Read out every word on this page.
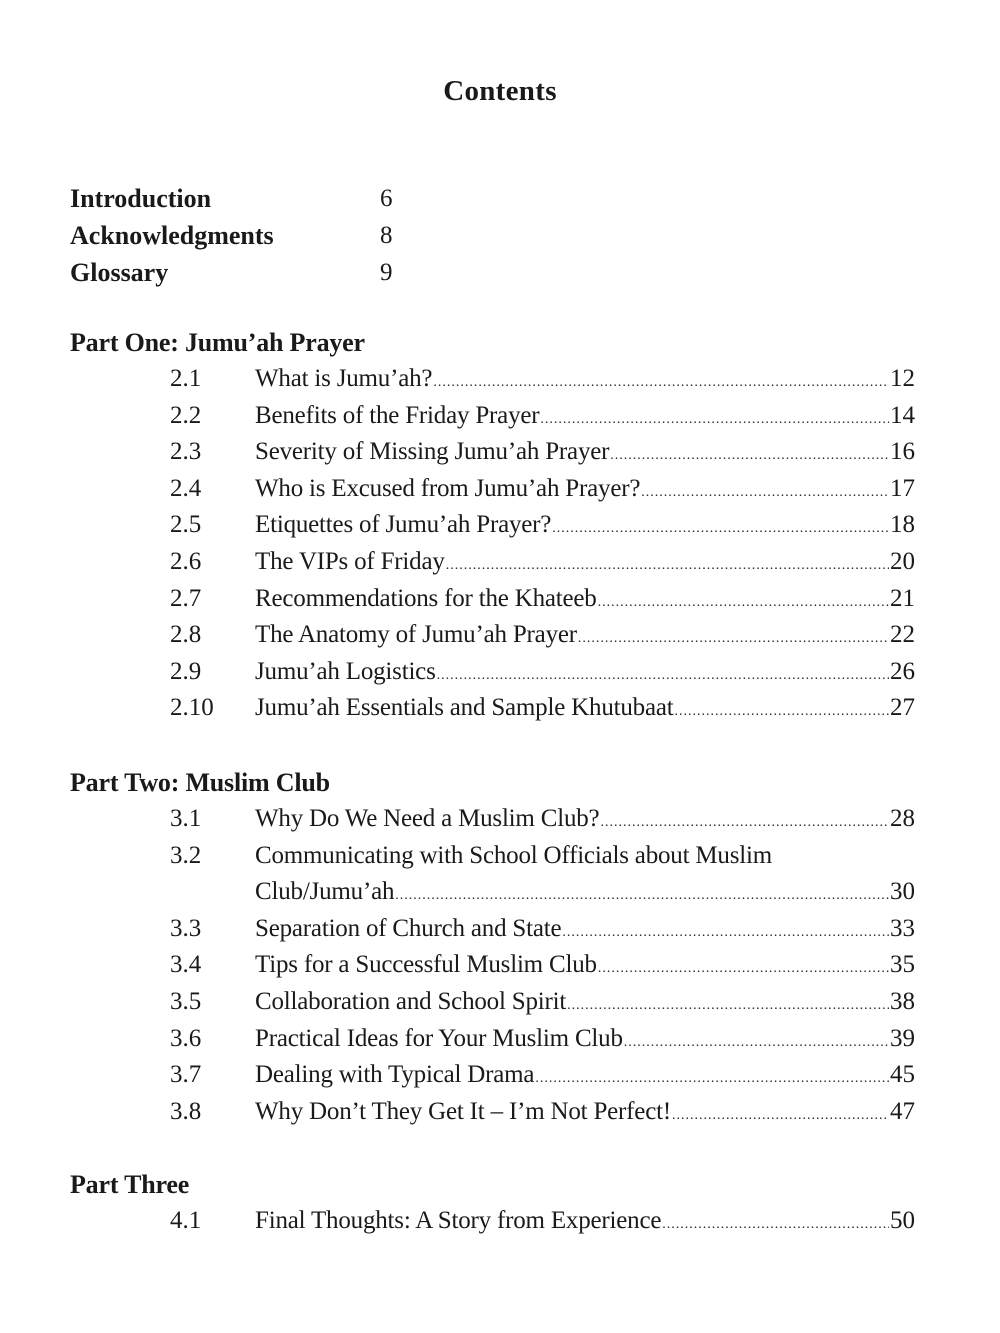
Contents
Introduction	6
Acknowledgments	8
Glossary	9
Part One: Jumu’ah Prayer
2.1	What is Jumu’ah? .....	12
2.2	Benefits of the Friday Prayer .....	14
2.3	Severity of Missing Jumu’ah Prayer .....	16
2.4	Who is Excused from Jumu’ah Prayer? .....	17
2.5	Etiquettes of Jumu’ah Prayer? .....	18
2.6	The VIPs of Friday .....	20
2.7	Recommendations for the Khateeb .....	21
2.8	The Anatomy of Jumu’ah Prayer .....	22
2.9	Jumu’ah Logistics .....	26
2.10	Jumu’ah Essentials and Sample Khutubaat .....	27
Part Two: Muslim Club
3.1	Why Do We Need a Muslim Club? .....	28
3.2	Communicating with School Officials about Muslim
Club/Jumu’ah .....	30
3.3	Separation of Church and State .....	33
3.4	Tips for a Successful Muslim Club .....	35
3.5	Collaboration and School Spirit .....	38
3.6	Practical Ideas for Your Muslim Club .....	39
3.7	Dealing with Typical Drama .....	45
3.8	Why Don’t They Get It – I’m Not Perfect! .....	47
Part Three
4.1	Final Thoughts: A Story from Experience .....	50
